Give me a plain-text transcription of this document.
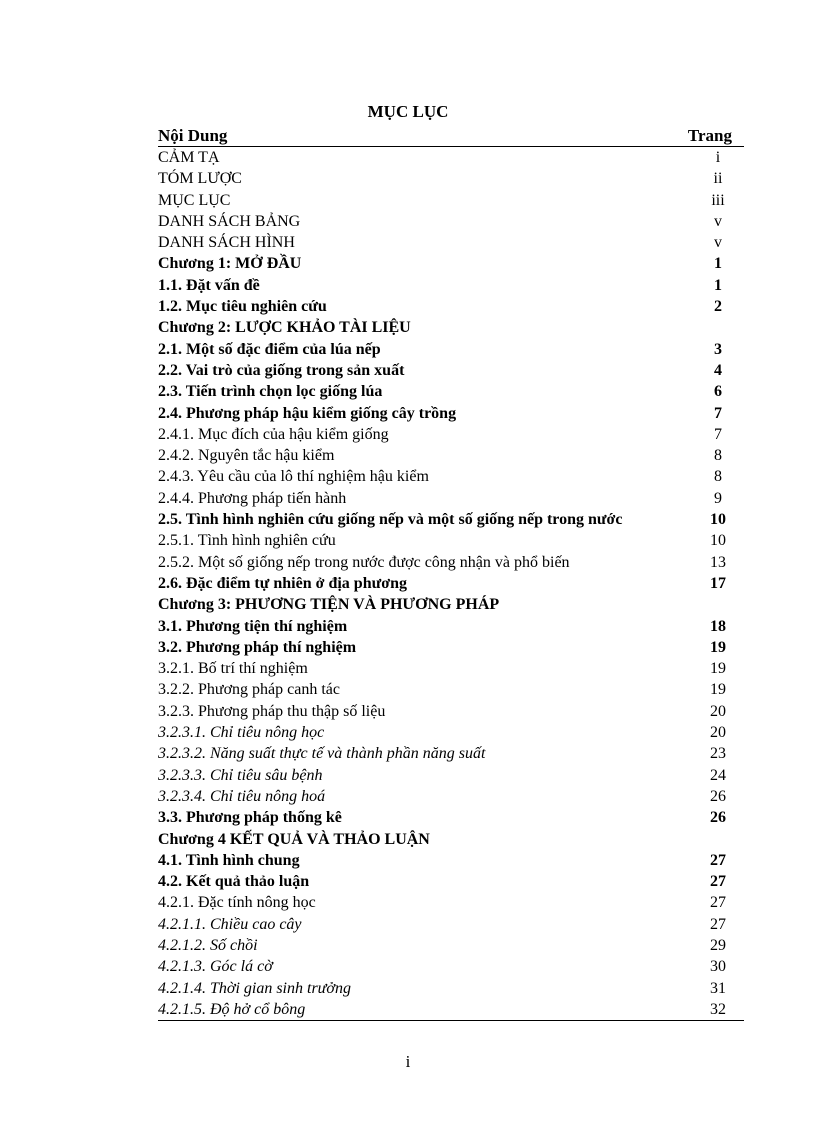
MỤC LỤC
Nội Dung	Trang
CẢM TẠ	i
TÓM LƯỢC	ii
MỤC LỤC	iii
DANH SÁCH BẢNG	v
DANH SÁCH HÌNH	v
Chương 1: MỞ ĐẦU	1
1.1. Đặt vấn đề	1
1.2. Mục tiêu nghiên cứu	2
Chương 2: LƯỢC KHẢO TÀI LIỆU
2.1. Một số đặc điểm của lúa nếp	3
2.2. Vai trò của giống trong sản xuất	4
2.3. Tiến trình chọn lọc giống lúa	6
2.4. Phương pháp hậu kiểm giống cây trồng	7
2.4.1. Mục đích của hậu kiểm giống	7
2.4.2. Nguyên tắc hậu kiểm	8
2.4.3. Yêu cầu của lô thí nghiệm hậu kiểm	8
2.4.4. Phương pháp tiến hành	9
2.5. Tình hình nghiên cứu giống nếp và một số giống nếp trong nước	10
2.5.1. Tình hình nghiên cứu	10
2.5.2. Một số giống nếp trong nước được công nhận và phổ biến	13
2.6. Đặc điểm tự nhiên ở địa phương	17
Chương 3: PHƯƠNG TIỆN VÀ PHƯƠNG PHÁP
3.1. Phương tiện thí nghiệm	18
3.2. Phương pháp thí nghiệm	19
3.2.1. Bố trí thí nghiệm	19
3.2.2. Phương pháp canh tác	19
3.2.3. Phương pháp thu thập số liệu	20
3.2.3.1. Chỉ tiêu nông học	20
3.2.3.2. Năng suất thực tế và thành phần năng suất	23
3.2.3.3. Chỉ tiêu sâu bệnh	24
3.2.3.4. Chỉ tiêu nông hoá	26
3.3. Phương pháp thống kê	26
Chương 4 KẾT QUẢ VÀ THẢO LUẬN
4.1. Tình hình chung	27
4.2. Kết quả thảo luận	27
4.2.1. Đặc tính nông học	27
4.2.1.1. Chiều cao cây	27
4.2.1.2. Số chồi	29
4.2.1.3. Góc lá cờ	30
4.2.1.4. Thời gian sinh trưởng	31
4.2.1.5. Độ hở cổ bông	32
i
